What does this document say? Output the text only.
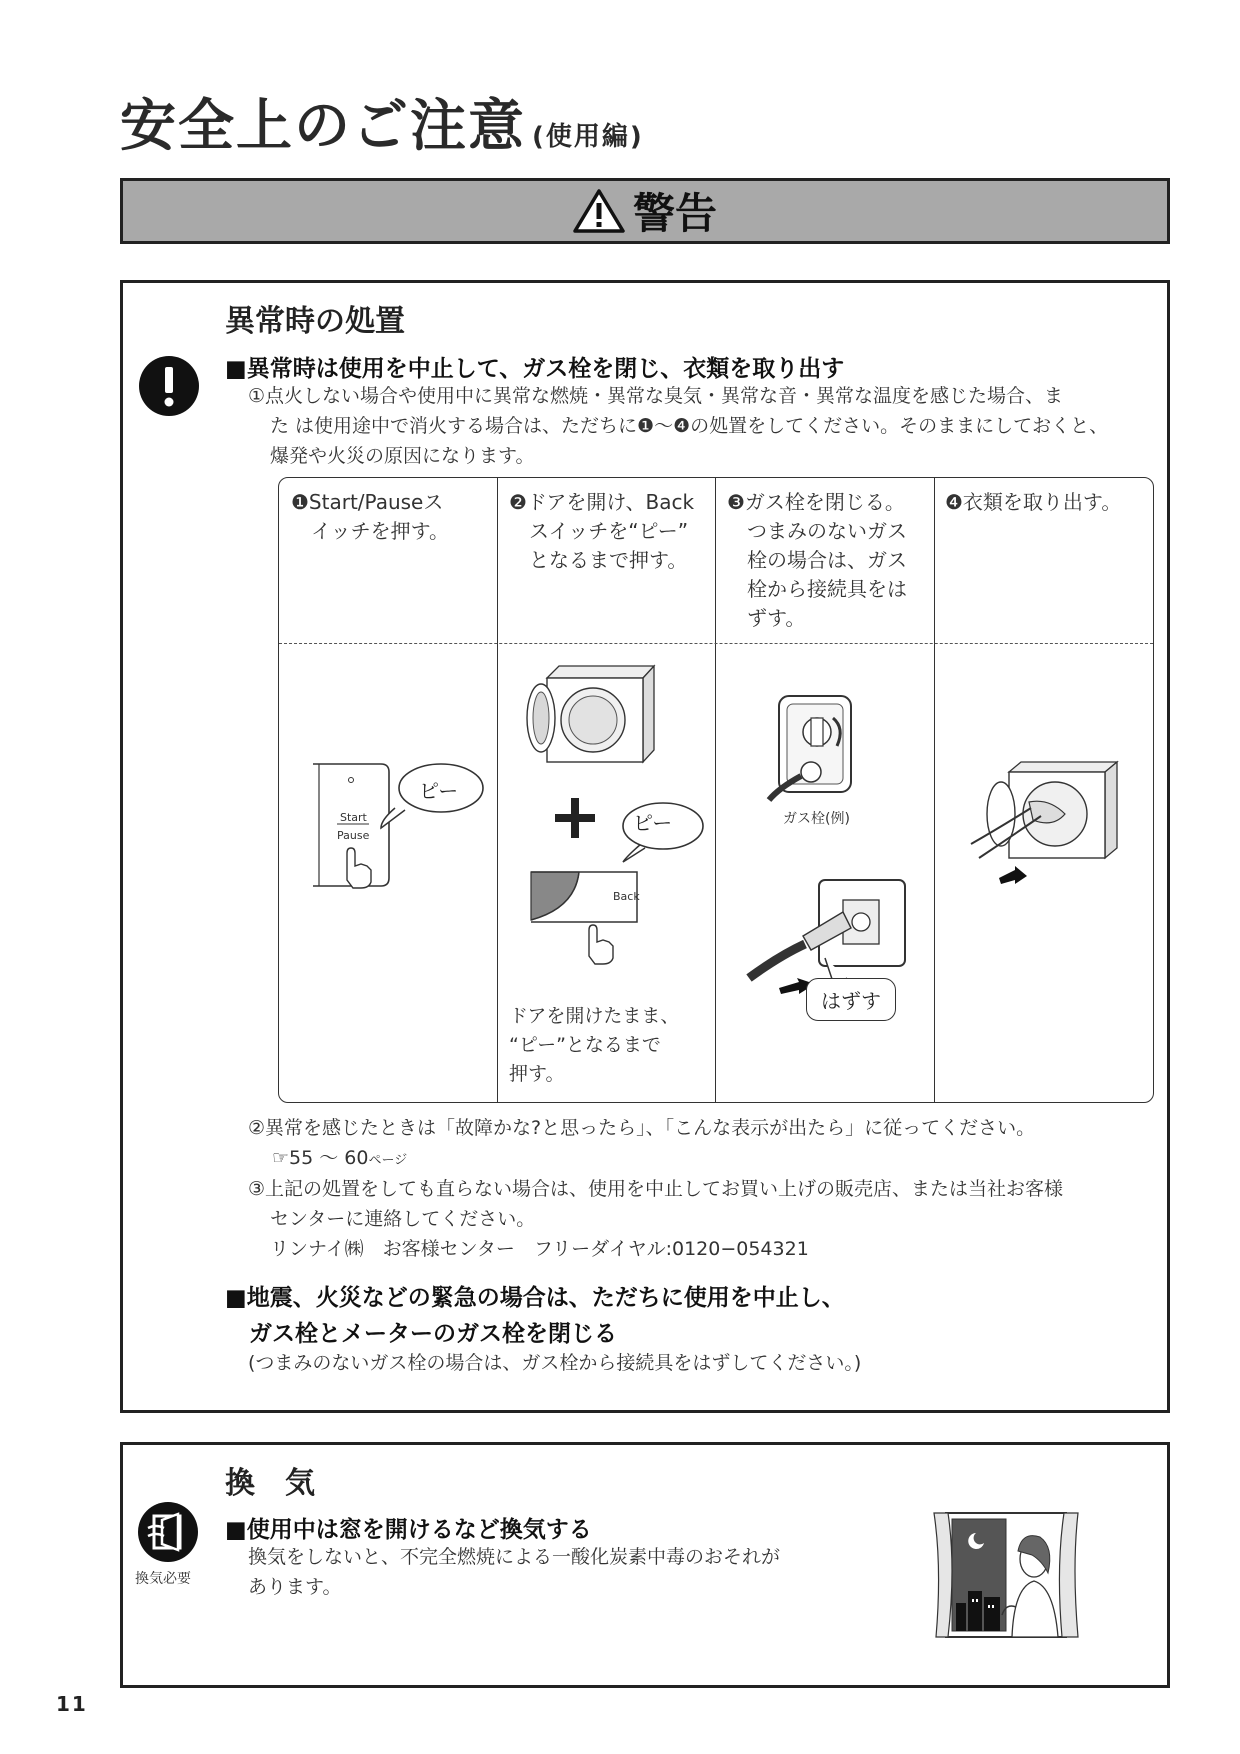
安全上のご注意 (使用編)
警告
異常時の処置
■異常時は使用を中止して、ガス栓を閉じ、衣類を取り出す
①点火しない場合や使用中に異常な燃焼・異常な臭気・異常な音・異常な温度を感じた場合、ま
た は使用途中で消火する場合は、ただちに❶〜❹の処置をしてください。そのままにしておくと、
爆発や火災の原因になります。
❶Start/Pauseス
　イッチを押す。
❷ドアを開け、Back
　スイッチを“ピー”
　となるまで押す。
❸ガス栓を閉じる。
　つまみのないガス
　栓の場合は、ガス
　栓から接続具をは
　ずす。
❹衣類を取り出す。
Start
Pause
ピー
ピー
Back
ドアを開けたまま、
“ピー”となるまで
押す。
ガス栓(例)
はずす
②異常を感じたときは「故障かな?と思ったら」、「こんな表示が出たら」に従ってください。
☞55 〜 60ページ
③上記の処置をしても直らない場合は、使用を中止してお買い上げの販売店、または当社お客様
センターに連絡してください。
リンナイ㈱　お客様センター　フリーダイヤル:0120−054321
■地震、火災などの緊急の場合は、ただちに使用を中止し、
ガス栓とメーターのガス栓を閉じる
(つまみのないガス栓の場合は、ガス栓から接続具をはずしてください。)
換気必要
換　気
■使用中は窓を開けるなど換気する
換気をしないと、不完全燃焼による一酸化炭素中毒のおそれが
あります。
11
